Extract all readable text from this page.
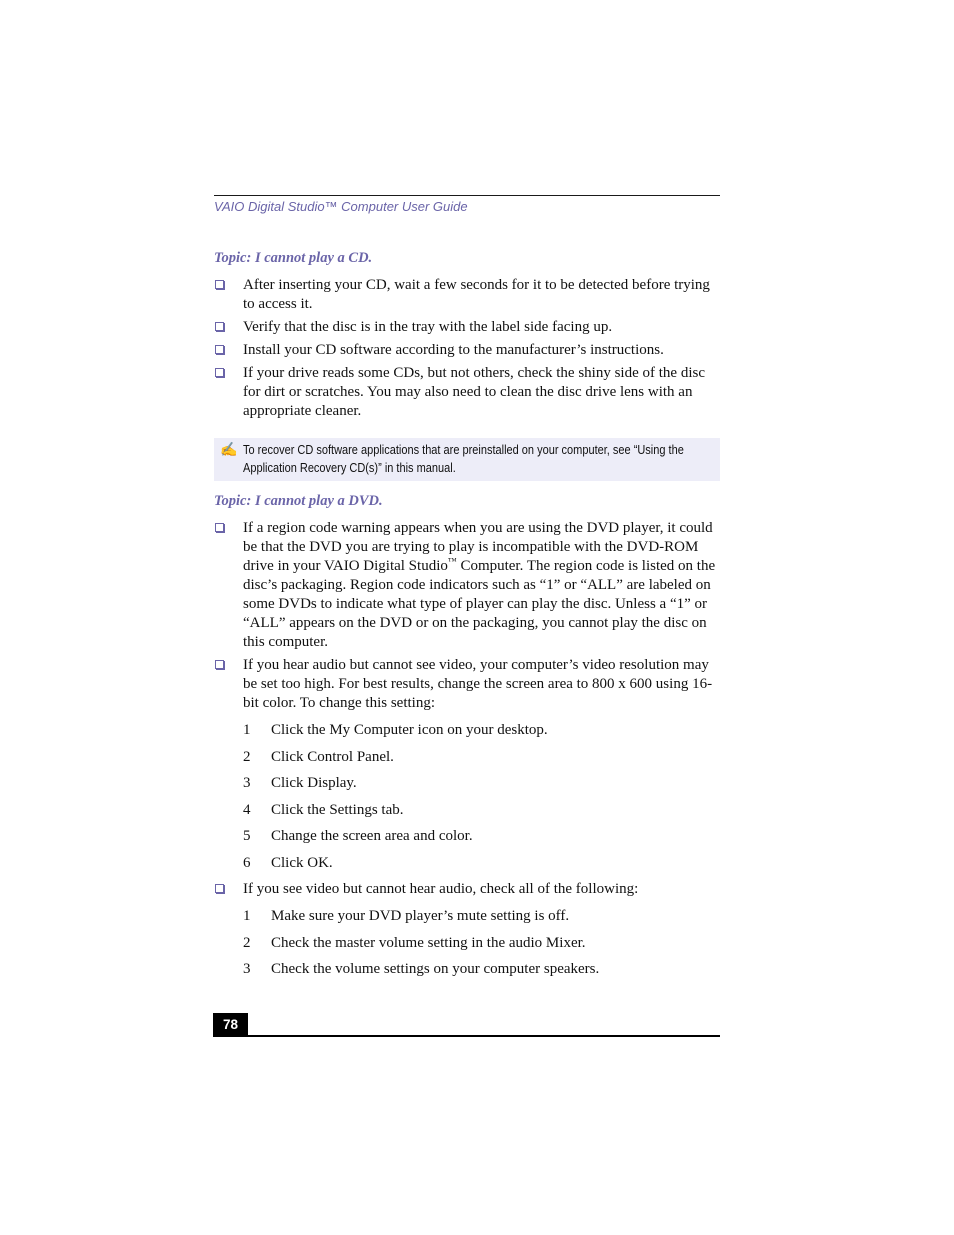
VAIO Digital Studio™ Computer User Guide
Topic: I cannot play a CD.
After inserting your CD, wait a few seconds for it to be detected before trying to access it.
Verify that the disc is in the tray with the label side facing up.
Install your CD software according to the manufacturer’s instructions.
If your drive reads some CDs, but not others, check the shiny side of the disc for dirt or scratches. You may also need to clean the disc drive lens with an appropriate cleaner.
✍ To recover CD software applications that are preinstalled on your computer, see “Using the Application Recovery CD(s)” in this manual.
Topic: I cannot play a DVD.
If a region code warning appears when you are using the DVD player, it could be that the DVD you are trying to play is incompatible with the DVD-ROM drive in your VAIO Digital Studio™ Computer. The region code is listed on the disc’s packaging. Region code indicators such as “1” or “ALL” are labeled on some DVDs to indicate what type of player can play the disc. Unless a “1” or “ALL” appears on the DVD or on the packaging, you cannot play the disc on this computer.
If you hear audio but cannot see video, your computer’s video resolution may be set too high. For best results, change the screen area to 800 x 600 using 16-bit color. To change this setting:
1 Click the My Computer icon on your desktop.
2 Click Control Panel.
3 Click Display.
4 Click the Settings tab.
5 Change the screen area and color.
6 Click OK.
If you see video but cannot hear audio, check all of the following:
1 Make sure your DVD player’s mute setting is off.
2 Check the master volume setting in the audio Mixer.
3 Check the volume settings on your computer speakers.
78
